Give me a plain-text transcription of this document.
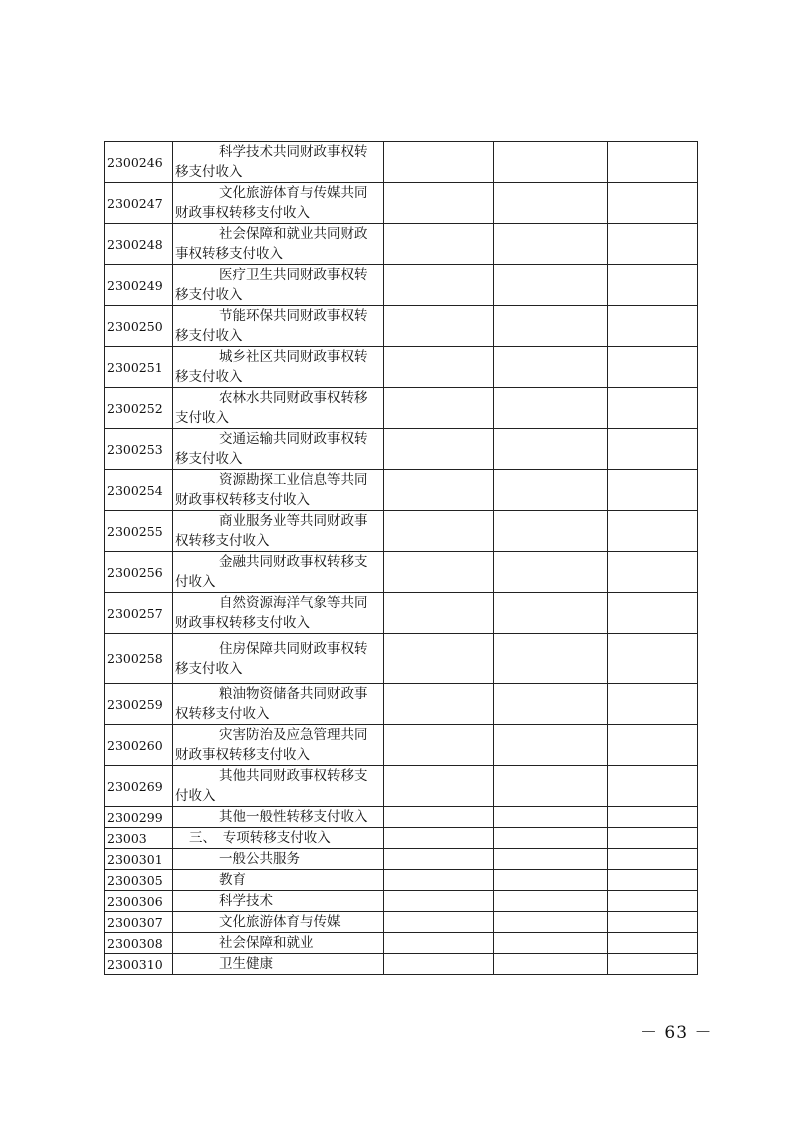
2300246	科学技术共同财政事权转
移支付收入			

2300247	文化旅游体育与传媒共同
财政事权转移支付收入			

2300248	社会保障和就业共同财政
事权转移支付收入			

2300249	医疗卫生共同财政事权转
移支付收入			

2300250	节能环保共同财政事权转
移支付收入			

2300251	城乡社区共同财政事权转
移支付收入			

2300252	农林水共同财政事权转移
支付收入			

2300253	交通运输共同财政事权转
移支付收入			

2300254	资源勘探工业信息等共同
财政事权转移支付收入			

2300255	商业服务业等共同财政事
权转移支付收入			

2300256	金融共同财政事权转移支
付收入			

2300257	自然资源海洋气象等共同
财政事权转移支付收入			

2300258	住房保障共同财政事权转
移支付收入			

2300259	粮油物资储备共同财政事
权转移支付收入			

2300260	灾害防治及应急管理共同
财政事权转移支付收入			

2300269	其他共同财政事权转移支
付收入			

2300299	其他一般性转移支付收入			

23003	三、　专项转移支付收入			

2300301	一般公共服务			

2300305	教育			

2300306	科学技术			

2300307	文化旅游体育与传媒			

2300308	社会保障和就业			

2300310	卫生健康			

－ 63 －
